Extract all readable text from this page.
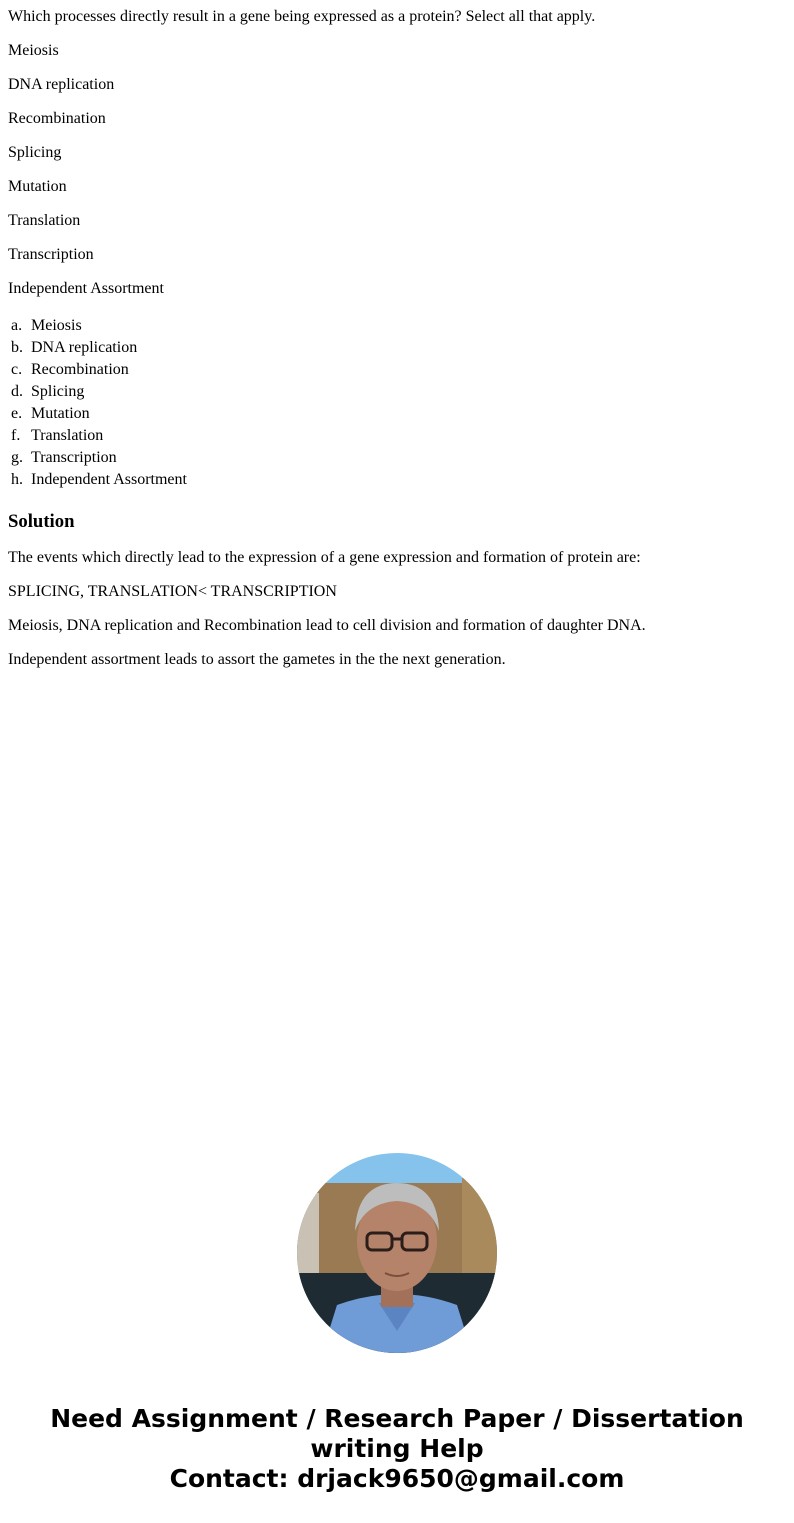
Which processes directly result in a gene being expressed as a protein? Select all that apply.

Meiosis

DNA replication

Recombination

Splicing

Mutation

Translation

Transcription

Independent Assortment

a. Meiosis
b. DNA replication
c. Recombination
d. Splicing
e. Mutation
f. Translation
g. Transcription
h. Independent Assortment
Solution

The events which directly lead to the expression of a gene expression and formation of protein are:

SPLICING, TRANSLATION< TRANSCRIPTION

Meiosis, DNA replication and Recombination lead to cell division and formation of daughter DNA.

Independent assortment leads to assort the gametes in the the next generation.

Need Assignment / Research Paper / Dissertation
writing Help
Contact: drjack9650@gmail.com
